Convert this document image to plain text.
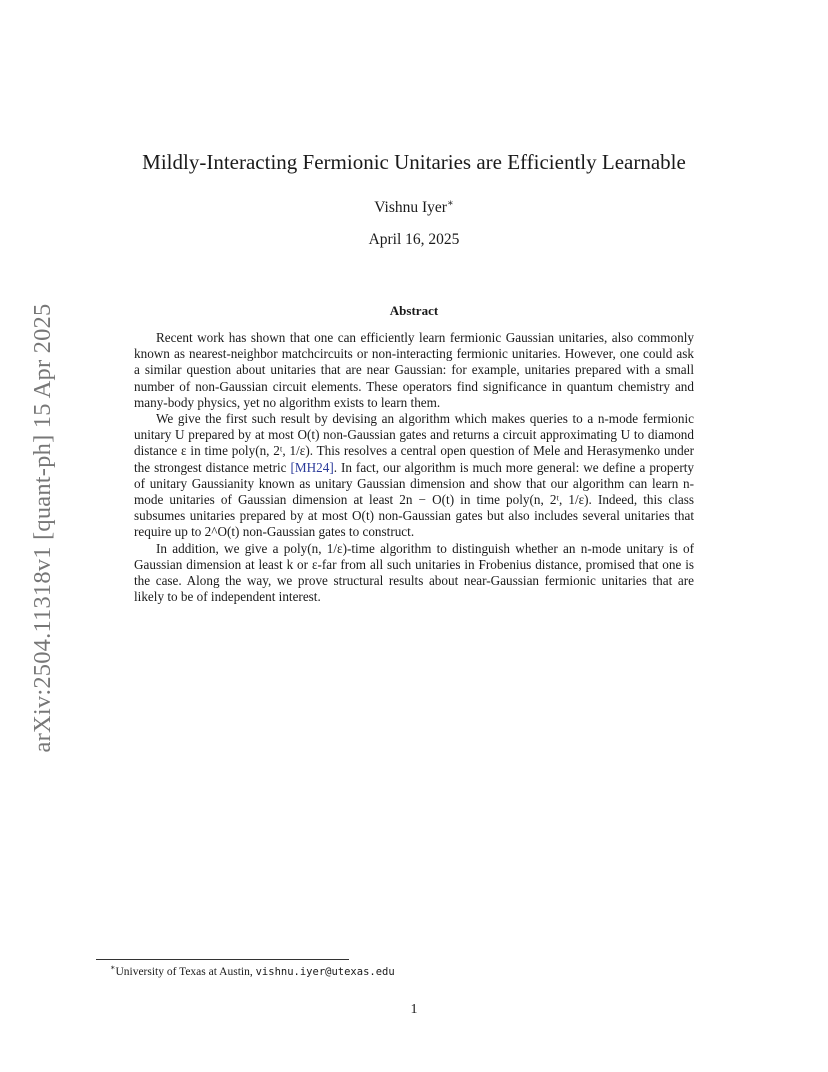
arXiv:2504.11318v1 [quant-ph] 15 Apr 2025
Mildly-Interacting Fermionic Unitaries are Efficiently Learnable
Vishnu Iyer∗
April 16, 2025
Abstract

Recent work has shown that one can efficiently learn fermionic Gaussian unitaries, also commonly known as nearest-neighbor matchcircuits or non-interacting fermionic unitaries. However, one could ask a similar question about unitaries that are near Gaussian: for example, unitaries prepared with a small number of non-Gaussian circuit elements. These operators find significance in quantum chemistry and many-body physics, yet no algorithm exists to learn them.

We give the first such result by devising an algorithm which makes queries to a n-mode fermionic unitary U prepared by at most O(t) non-Gaussian gates and returns a circuit approximating U to diamond distance ε in time poly(n, 2ᵗ, 1/ε). This resolves a central open question of Mele and Herasymenko under the strongest distance metric [MH24]. In fact, our algorithm is much more general: we define a property of unitary Gaussianity known as unitary Gaussian dimension and show that our algorithm can learn n-mode unitaries of Gaussian dimension at least 2n − O(t) in time poly(n, 2ᵗ, 1/ε). Indeed, this class subsumes unitaries prepared by at most O(t) non-Gaussian gates but also includes several unitaries that require up to 2^O(t) non-Gaussian gates to construct.

In addition, we give a poly(n, 1/ε)-time algorithm to distinguish whether an n-mode unitary is of Gaussian dimension at least k or ε-far from all such unitaries in Frobenius distance, promised that one is the case. Along the way, we prove structural results about near-Gaussian fermionic unitaries that are likely to be of independent interest.

∗University of Texas at Austin, vishnu.iyer@utexas.edu
1
